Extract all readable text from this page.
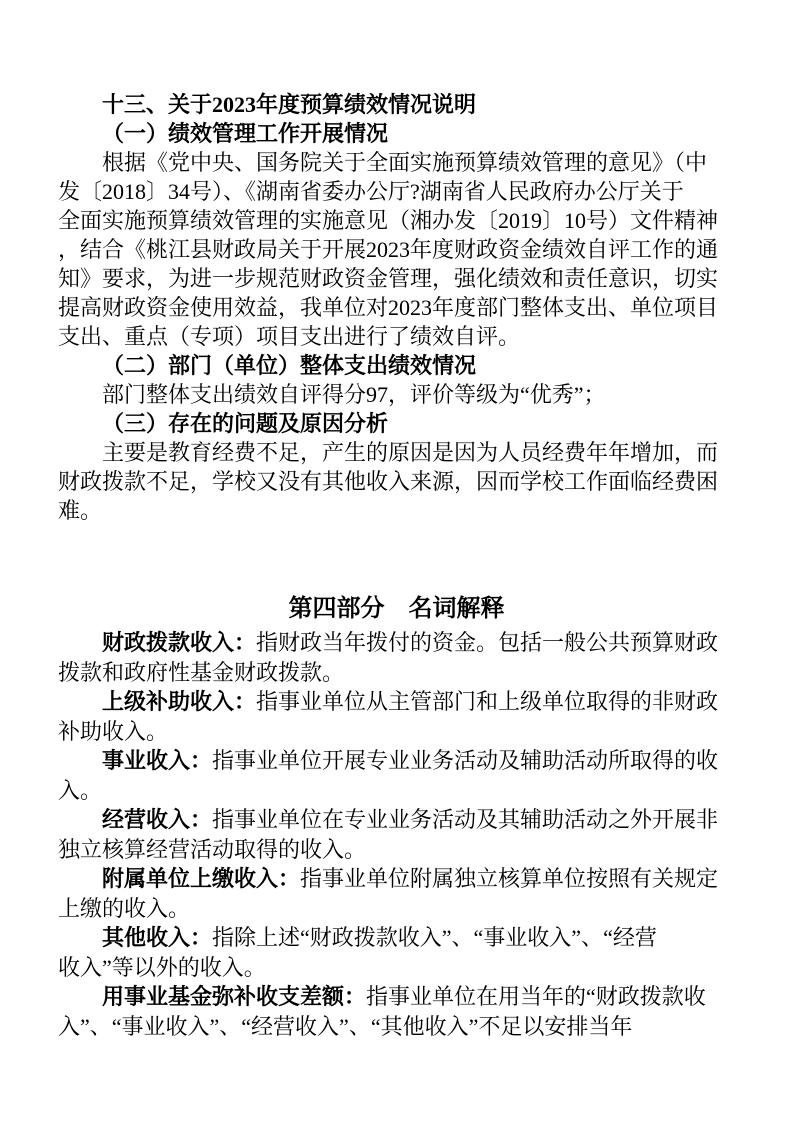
十三、关于2023年度预算绩效情况说明
（一）绩效管理工作开展情况
根据《党中央、国务院关于全面实施预算绩效管理的意见》（中
发〔2018〕34号）、《湖南省委办公厅?湖南省人民政府办公厅关于
全面实施预算绩效管理的实施意见（湘办发〔2019〕10号）文件精神
，结合《桃江县财政局关于开展2023年度财政资金绩效自评工作的通
知》要求，为进一步规范财政资金管理，强化绩效和责任意识，切实
提高财政资金使用效益，我单位对2023年度部门整体支出、单位项目
支出、重点（专项）项目支出进行了绩效自评。
（二）部门（单位）整体支出绩效情况
部门整体支出绩效自评得分97，评价等级为“优秀”；
（三）存在的问题及原因分析
主要是教育经费不足，产生的原因是因为人员经费年年增加，而
财政拨款不足，学校又没有其他收入来源，因而学校工作面临经费困
难。
第四部分　名词解释
财政拨款收入：指财政当年拨付的资金。包括一般公共预算财政
拨款和政府性基金财政拨款。
上级补助收入：指事业单位从主管部门和上级单位取得的非财政
补助收入。
事业收入：指事业单位开展专业业务活动及辅助活动所取得的收
入。
经营收入：指事业单位在专业业务活动及其辅助活动之外开展非
独立核算经营活动取得的收入。
附属单位上缴收入：指事业单位附属独立核算单位按照有关规定
上缴的收入。
其他收入：指除上述“财政拨款收入”、“事业收入”、“经营
收入”等以外的收入。
用事业基金弥补收支差额：指事业单位在用当年的“财政拨款收
入”、“事业收入”、“经营收入”、“其他收入”不足以安排当年
